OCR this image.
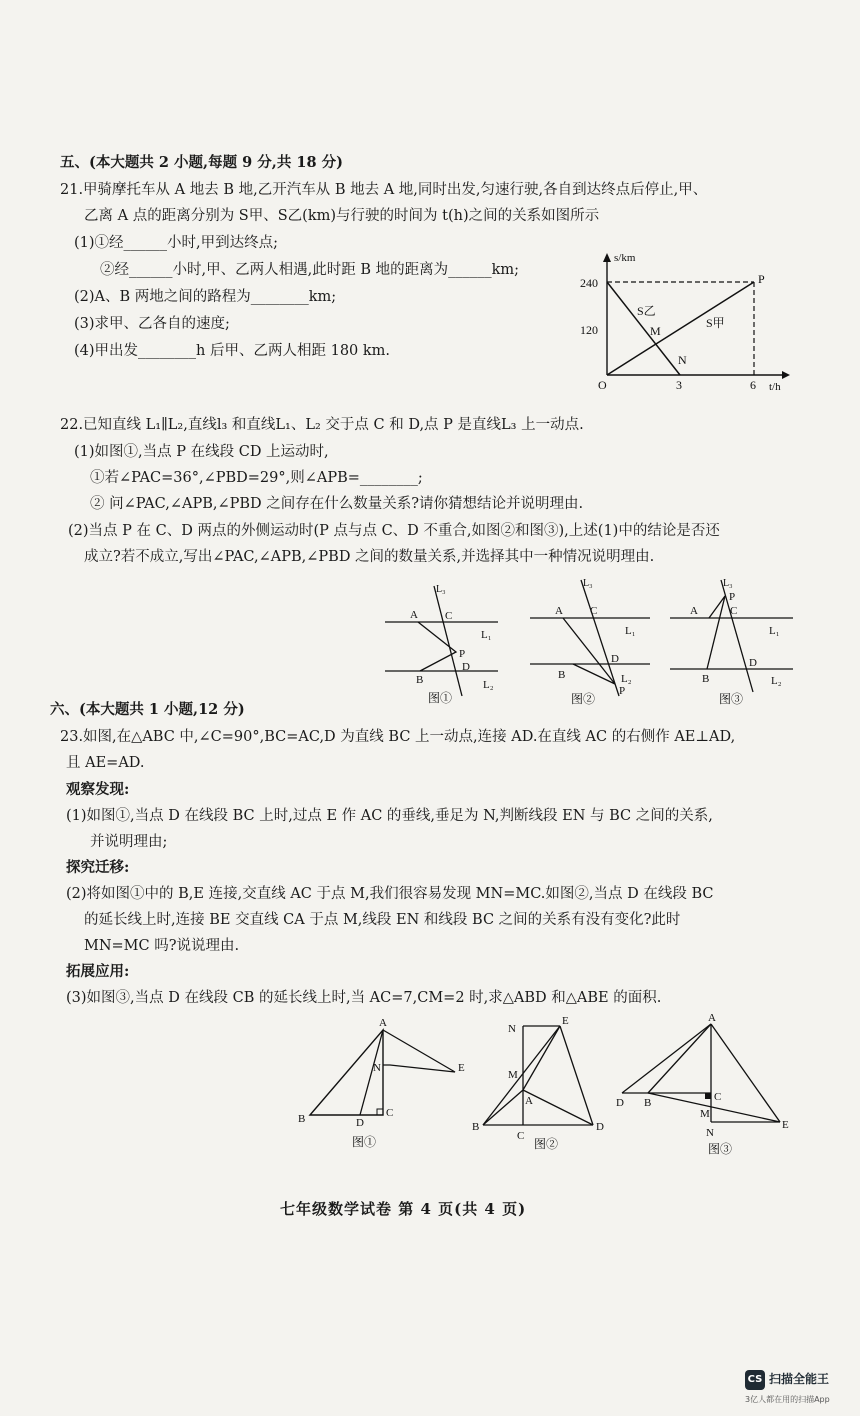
五、(本大题共 2 小题,每题 9 分,共 18 分)
21.甲骑摩托车从 A 地去 B 地,乙开汽车从 B 地去 A 地,同时出发,匀速行驶,各自到达终点后停止,甲、
乙离 A 点的距离分别为 S甲、S乙(km)与行驶的时间为 t(h)之间的关系如图所示
(1)①经______小时,甲到达终点;
②经______小时,甲、乙两人相遇,此时距 B 地的距离为______km;
(2)A、B 两地之间的路程为________km;
(3)求甲、乙各自的速度;
(4)甲出发________h 后甲、乙两人相距 180 km.
s/km
t/h
240
120
O	3	6
P
M
N
S乙
S甲
22.已知直线 L₁∥L₂,直线l₃ 和直线L₁、L₂ 交于点 C 和 D,点 P 是直线L₃ 上一动点.
(1)如图①,当点 P 在线段 CD 上运动时,
①若∠PAC=36°,∠PBD=29°,则∠APB=________;
② 问∠PAC,∠APB,∠PBD 之间存在什么数量关系?请你猜想结论并说明理由.
(2)当点 P 在 C、D 两点的外侧运动时(P 点与点 C、D 不重合,如图②和图③),上述(1)中的结论是否还
成立?若不成立,写出∠PAC,∠APB,∠PBD 之间的数量关系,并选择其中一种情况说明理由.
L₃
A C
L₁
P
D
B	L₂
图①
L₃
A C
L₁
D
B	L₂
P
图②
L₃
P
A	C
L₁
D
B	L₂
图③
六、(本大题共 1 小题,12 分)
23.如图,在△ABC 中,∠C=90°,BC=AC,D 为直线 BC 上一动点,连接 AD.在直线 AC 的右侧作 AE⊥AD,
且 AE=AD.
观察发现:
(1)如图①,当点 D 在线段 BC 上时,过点 E 作 AC 的垂线,垂足为 N,判断线段 EN 与 BC 之间的关系,
并说明理由;
探究迁移:
(2)将如图①中的 B,E 连接,交直线 AC 于点 M,我们很容易发现 MN=MC.如图②,当点 D 在线段 BC
的延长线上时,连接 BE 交直线 CA 于点 M,线段 EN 和线段 BC 之间的关系有没有变化?此时
MN=MC 吗?说说理由.
拓展应用:
(3)如图③,当点 D 在线段 CB 的延长线上时,当 AC=7,CM=2 时,求△ABD 和△ABE 的面积.
A
N	E
B	D
C
图①
N
E
M
A
B
C
D
图②
A
D B	C
M
N
E
图③
七年级数学试卷 第 4 页(共 4 页)
CS 扫描全能王
3亿人都在用的扫描App
